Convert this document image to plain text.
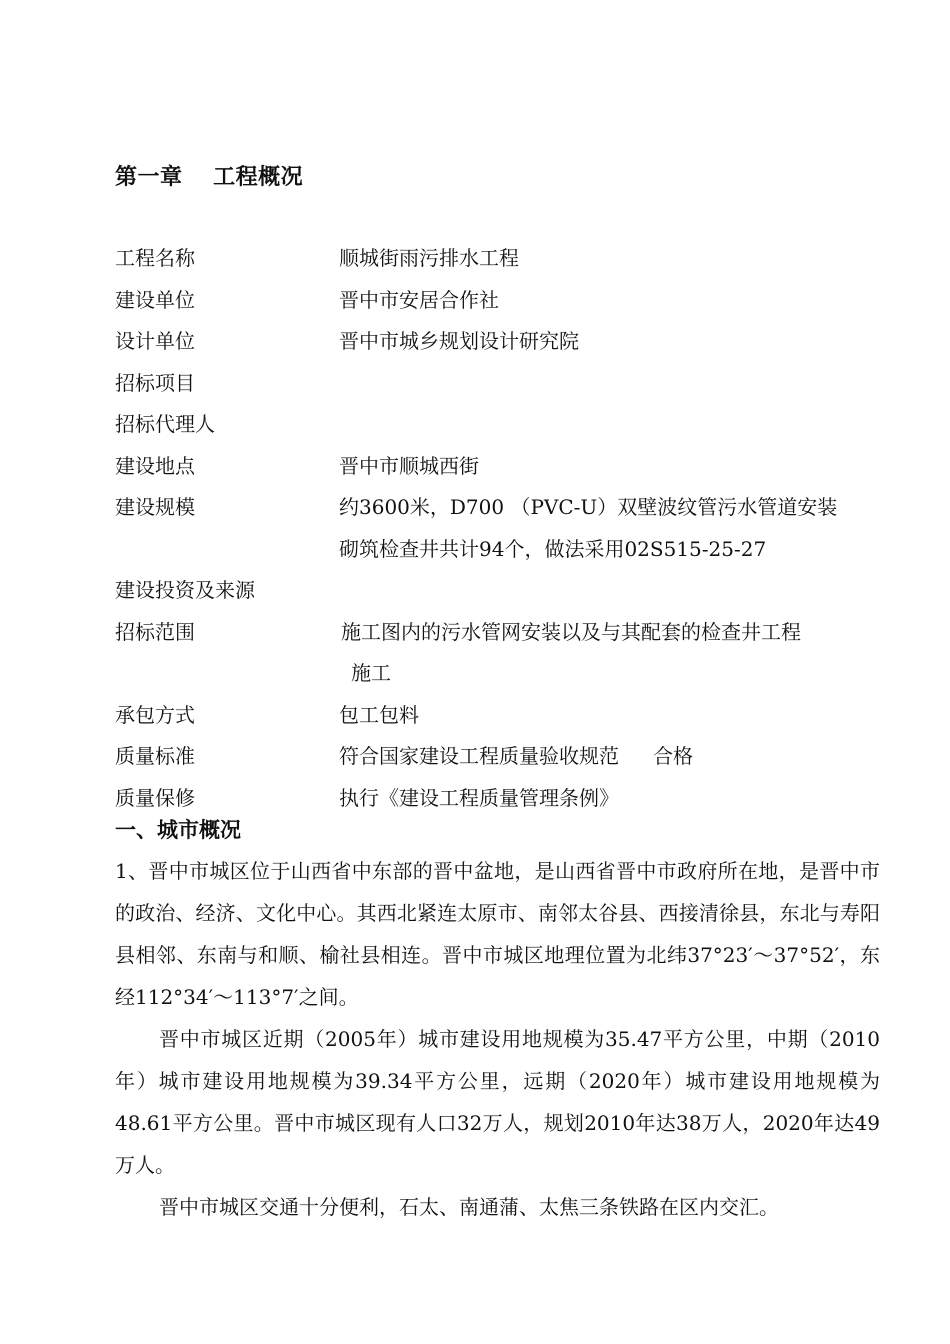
第一章　 工程概况
工程名称	顺城街雨污排水工程
建设单位	晋中市安居合作社
设计单位	晋中市城乡规划设计研究院
招标项目
招标代理人
建设地点	晋中市顺城西街
建设规模	约3600米，D700 （PVC-U）双壁波纹管污水管道安装
砌筑检查井共计94个，做法采用02S515-25-27
建设投资及来源
招标范围	施工图内的污水管网安装以及与其配套的检查井工程
施工
承包方式	包工包料
质量标准	符合国家建设工程质量验收规范 合格
质量保修	执行《建设工程质量管理条例》
一、城市概况

1、晋中市城区位于山西省中东部的晋中盆地，是山西省晋中市政府所在地，是晋中市的政治、经济、文化中心。其西北紧连太原市、南邻太谷县、西接清徐县，东北与寿阳县相邻、东南与和顺、榆社县相连。晋中市城区地理位置为北纬37°23′～37°52′，东经112°34′～113°7′之间。

晋中市城区近期（2005年）城市建设用地规模为35.47平方公里，中期（2010年）城市建设用地规模为39.34平方公里，远期（2020年）城市建设用地规模为48.61平方公里。晋中市城区现有人口32万人，规划2010年达38万人，2020年达49万人。

晋中市城区交通十分便利，石太、南通蒲、太焦三条铁路在区内交汇。
